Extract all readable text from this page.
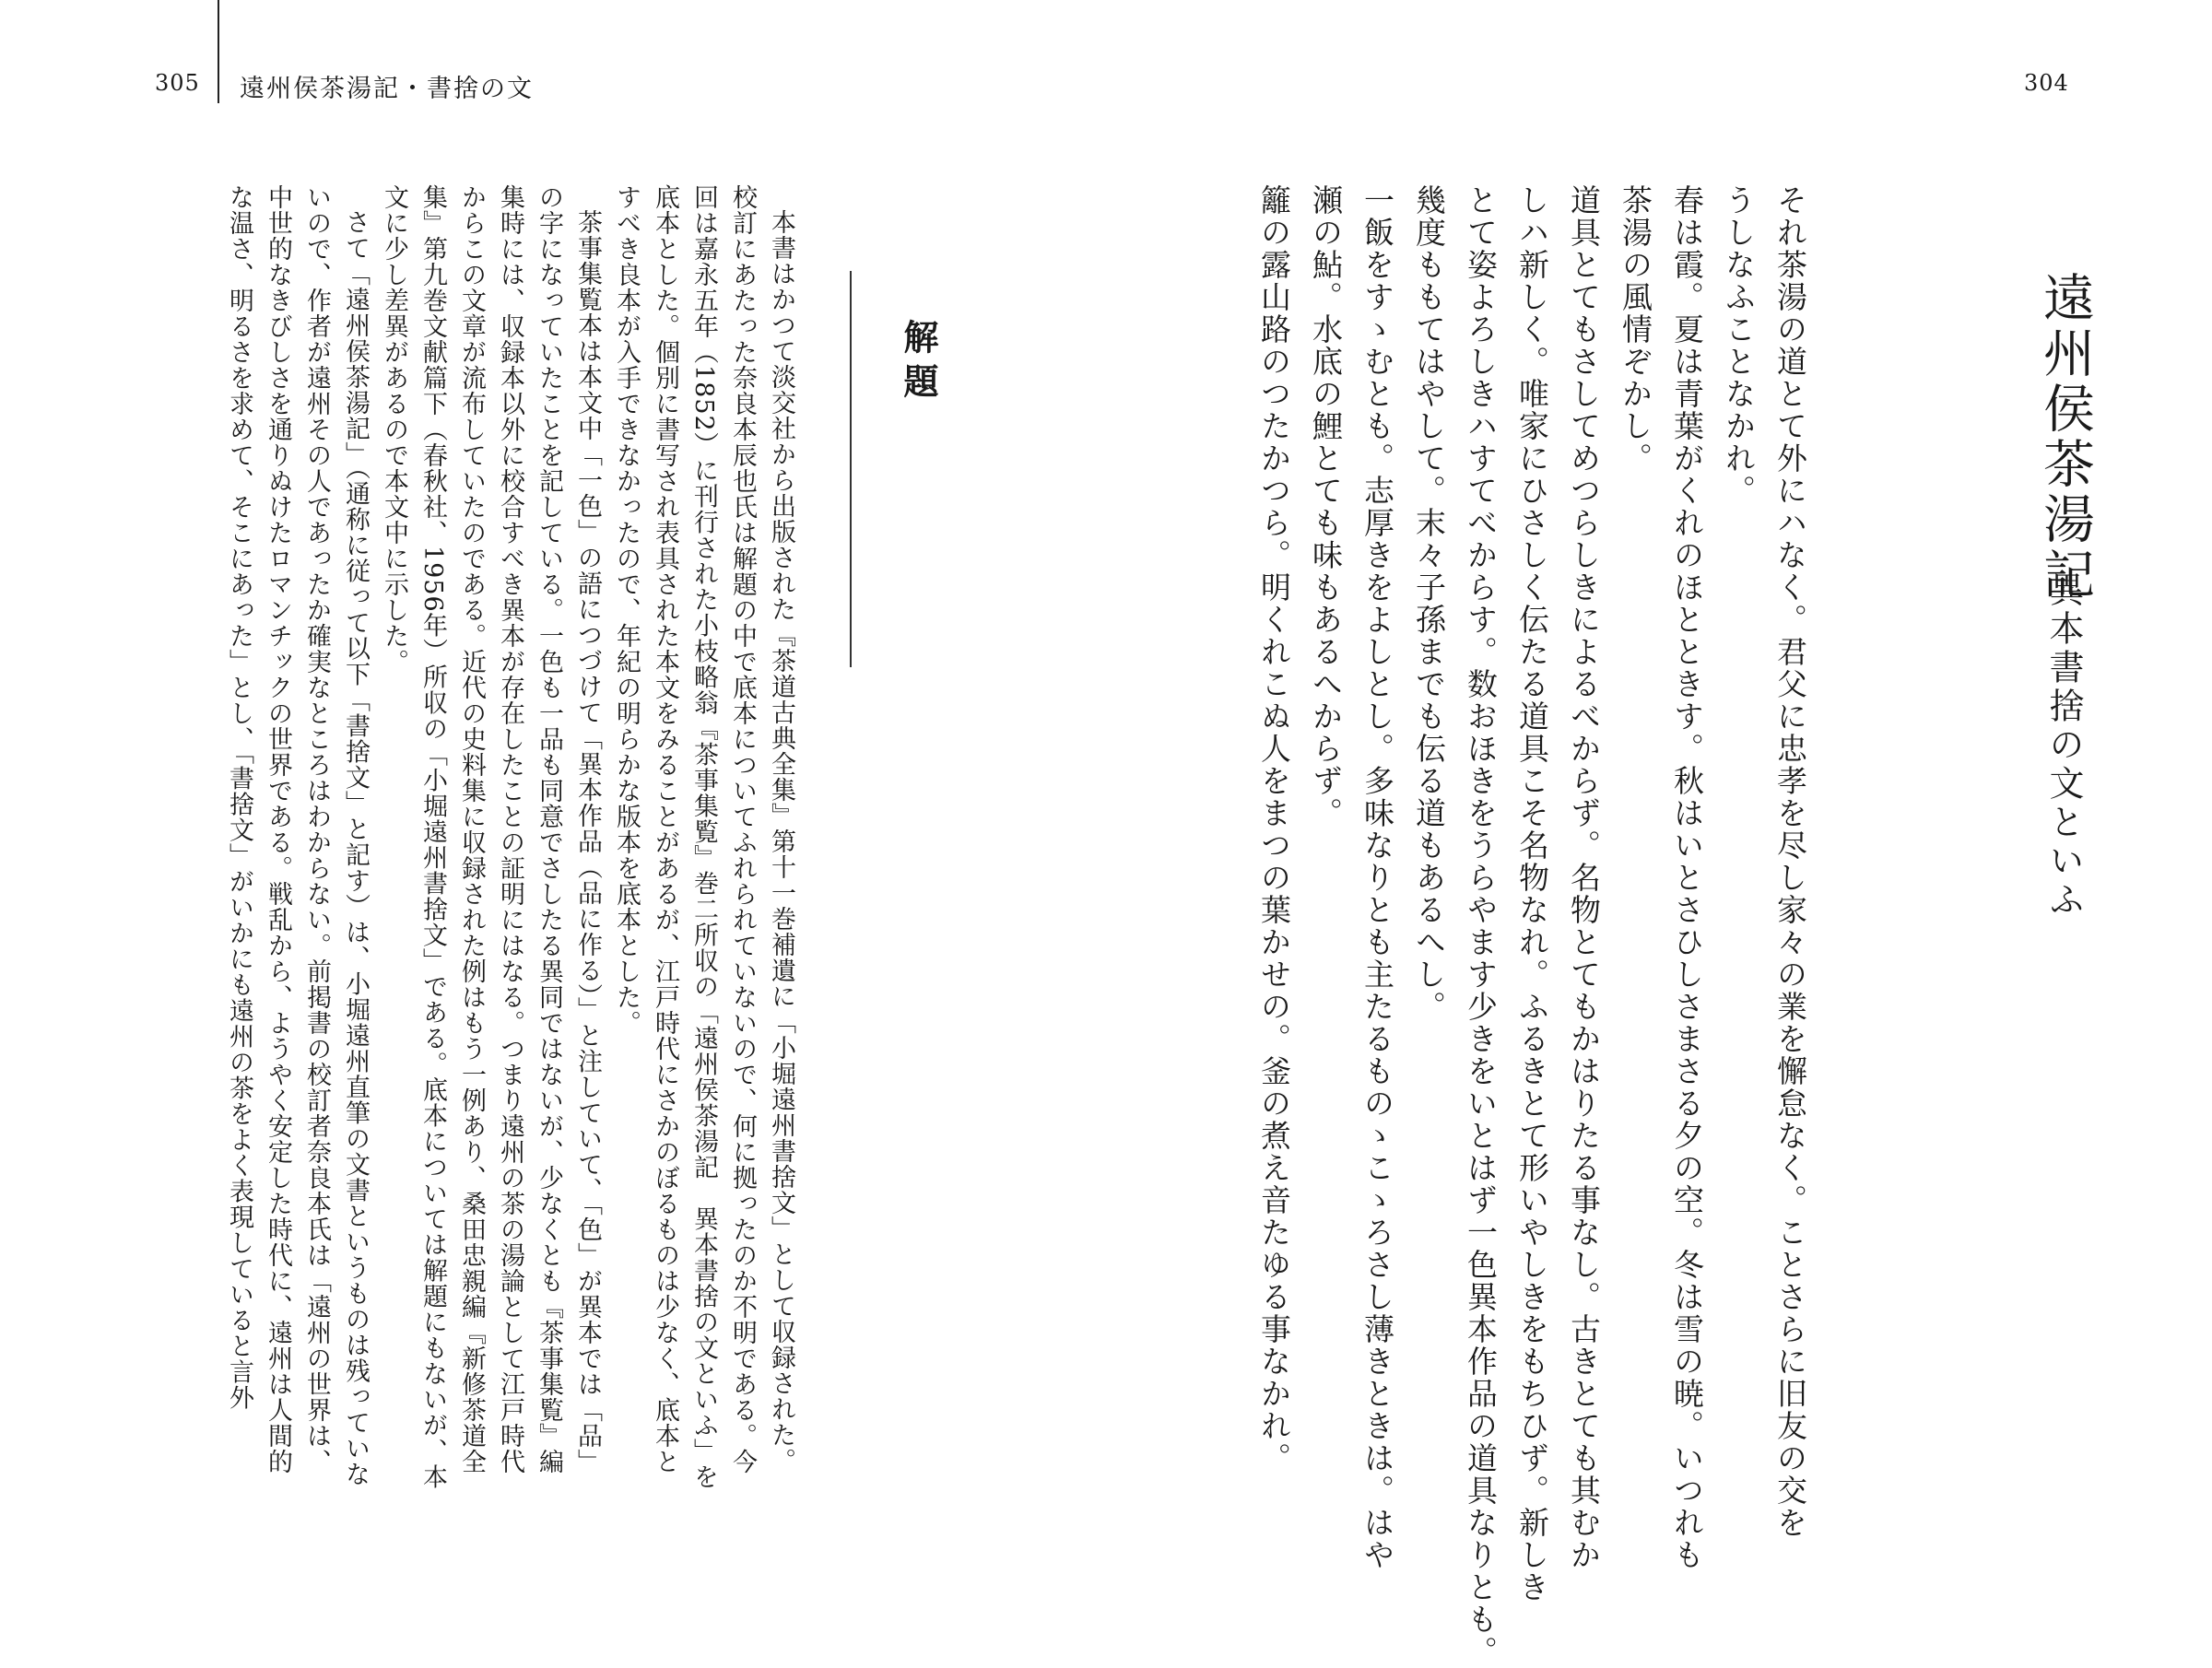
305 遠州侯茶湯記・書捨の文	304
遠州侯茶湯記
異本書捨の文といふ

それ茶湯の道とて外にハなく。君父に忠孝を尽し家々の業を懈怠なく。ことさらに旧友の交を

うしなふことなかれ。

春は霞。夏は青葉がくれのほとときす。秋はいとさひしさまさる夕の空。冬は雪の暁。いつれも

茶湯の風情ぞかし。

道具とてもさしてめつらしきによるべからず。名物とてもかはりたる事なし。古きとても其むか

しハ新しく。唯家にひさしく伝たる道具こそ名物なれ。ふるきとて形いやしきをもちひず。新しき

とて姿よろしきハすてべからす。数おほきをうらやます少きをいとはず一色異本作品の道具なりとも。

幾度ももてはやして。末々子孫までも伝る道もあるへし。

一飯をすゝむとも。志厚きをよしとし。多味なりとも主たるものゝこゝろさし薄きときは。はや

瀬の鮎。水底の鯉とても味もあるへからず。

籬の露山路のつたかつら。明くれこぬ人をまつの葉かせの。釜の煮え音たゆる事なかれ。

解題

本書はかつて淡交社から出版された『茶道古典全集』第十一巻補遺に「小堀遠州書捨文」として収録された。校訂にあたった奈良本辰也氏は解題の中で底本についてふれられていないので、何に拠ったのか不明である。今回は嘉永五年（1852）に刊行された小枝略翁『茶事集覧』巻二所収の「遠州侯茶湯記　異本書捨の文といふ」を底本とした。個別に書写され表具された本文をみることがあるが、江戸時代にさかのぼるものは少なく、底本とすべき良本が入手できなかったので、年紀の明らかな版本を底本とした。

茶事集覧本は本文中「一色」の語につづけて「異本作品（品に作る）」と注していて、「色」が異本では「品」の字になっていたことを記している。一色も一品も同意でさしたる異同ではないが、少なくとも『茶事集覧』編集時には、収録本以外に校合すべき異本が存在したことの証明にはなる。つまり遠州の茶の湯論として江戸時代からこの文章が流布していたのである。近代の史料集に収録された例はもう一例あり、桑田忠親編『新修茶道全集』第九巻文献篇下（春秋社、1956年）所収の「小堀遠州書捨文」である。底本については解題にもないが、本文に少し差異があるので本文中に示した。

さて「遠州侯茶湯記」（通称に従って以下「書捨文」と記す）は、小堀遠州直筆の文書というものは残っていないので、作者が遠州その人であったか確実なところはわからない。前掲書の校訂者奈良本氏は「遠州の世界は、中世的なきびしさを通りぬけたロマンチックの世界である。戦乱から、ようやく安定した時代に、遠州は人間的な温さ、明るさを求めて、そこにあった」とし、「書捨文」がいかにも遠州の茶をよく表現していると言外
